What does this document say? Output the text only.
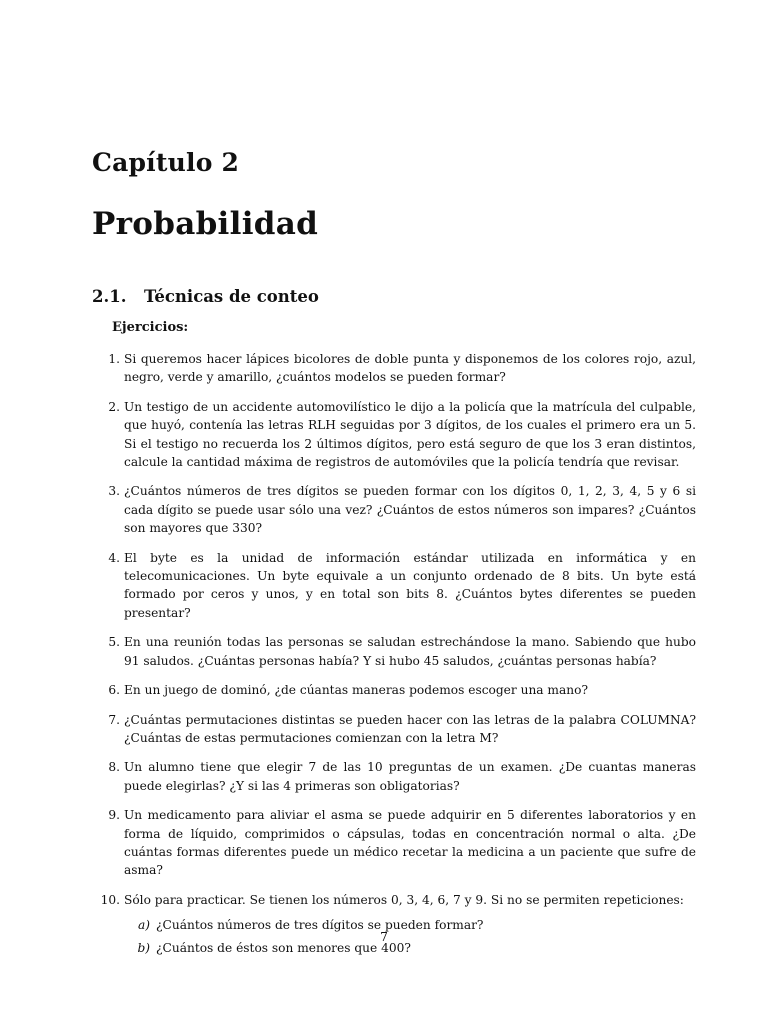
Capítulo 2
Probabilidad
2.1. Técnicas de conteo
Ejercicios:
1. Si queremos hacer lápices bicolores de doble punta y disponemos de los colores rojo, azul, negro, verde y amarillo, ¿cuántos modelos se pueden formar?
2. Un testigo de un accidente automovilístico le dijo a la policía que la matrícula del culpable, que huyó, contenía las letras RLH seguidas por 3 dígitos, de los cuales el primero era un 5. Si el testigo no recuerda los 2 últimos dígitos, pero está seguro de que los 3 eran distintos, calcule la cantidad máxima de registros de automóviles que la policía tendría que revisar.
3. ¿Cuántos números de tres dígitos se pueden formar con los dígitos 0, 1, 2, 3, 4, 5 y 6 si cada dígito se puede usar sólo una vez? ¿Cuántos de estos números son impares? ¿Cuántos son mayores que 330?
4. El byte es la unidad de información estándar utilizada en informática y en telecomunicaciones. Un byte equivale a un conjunto ordenado de 8 bits. Un byte está formado por ceros y unos, y en total son bits 8. ¿Cuántos bytes diferentes se pueden presentar?
5. En una reunión todas las personas se saludan estrechándose la mano. Sabiendo que hubo 91 saludos. ¿Cuántas personas había? Y si hubo 45 saludos, ¿cuántas personas había?
6. En un juego de dominó, ¿de cúantas maneras podemos escoger una mano?
7. ¿Cuántas permutaciones distintas se pueden hacer con las letras de la palabra COLUMNA? ¿Cuántas de estas permutaciones comienzan con la letra M?
8. Un alumno tiene que elegir 7 de las 10 preguntas de un examen. ¿De cuantas maneras puede elegirlas? ¿Y si las 4 primeras son obligatorias?
9. Un medicamento para aliviar el asma se puede adquirir en 5 diferentes laboratorios y en forma de líquido, comprimidos o cápsulas, todas en concentración normal o alta. ¿De cuántas formas diferentes puede un médico recetar la medicina a un paciente que sufre de asma?
10. Sólo para practicar. Se tienen los números 0, 3, 4, 6, 7 y 9. Si no se permiten repeticiones:
a) ¿Cuántos números de tres dígitos se pueden formar?
b) ¿Cuántos de éstos son menores que 400?
7
